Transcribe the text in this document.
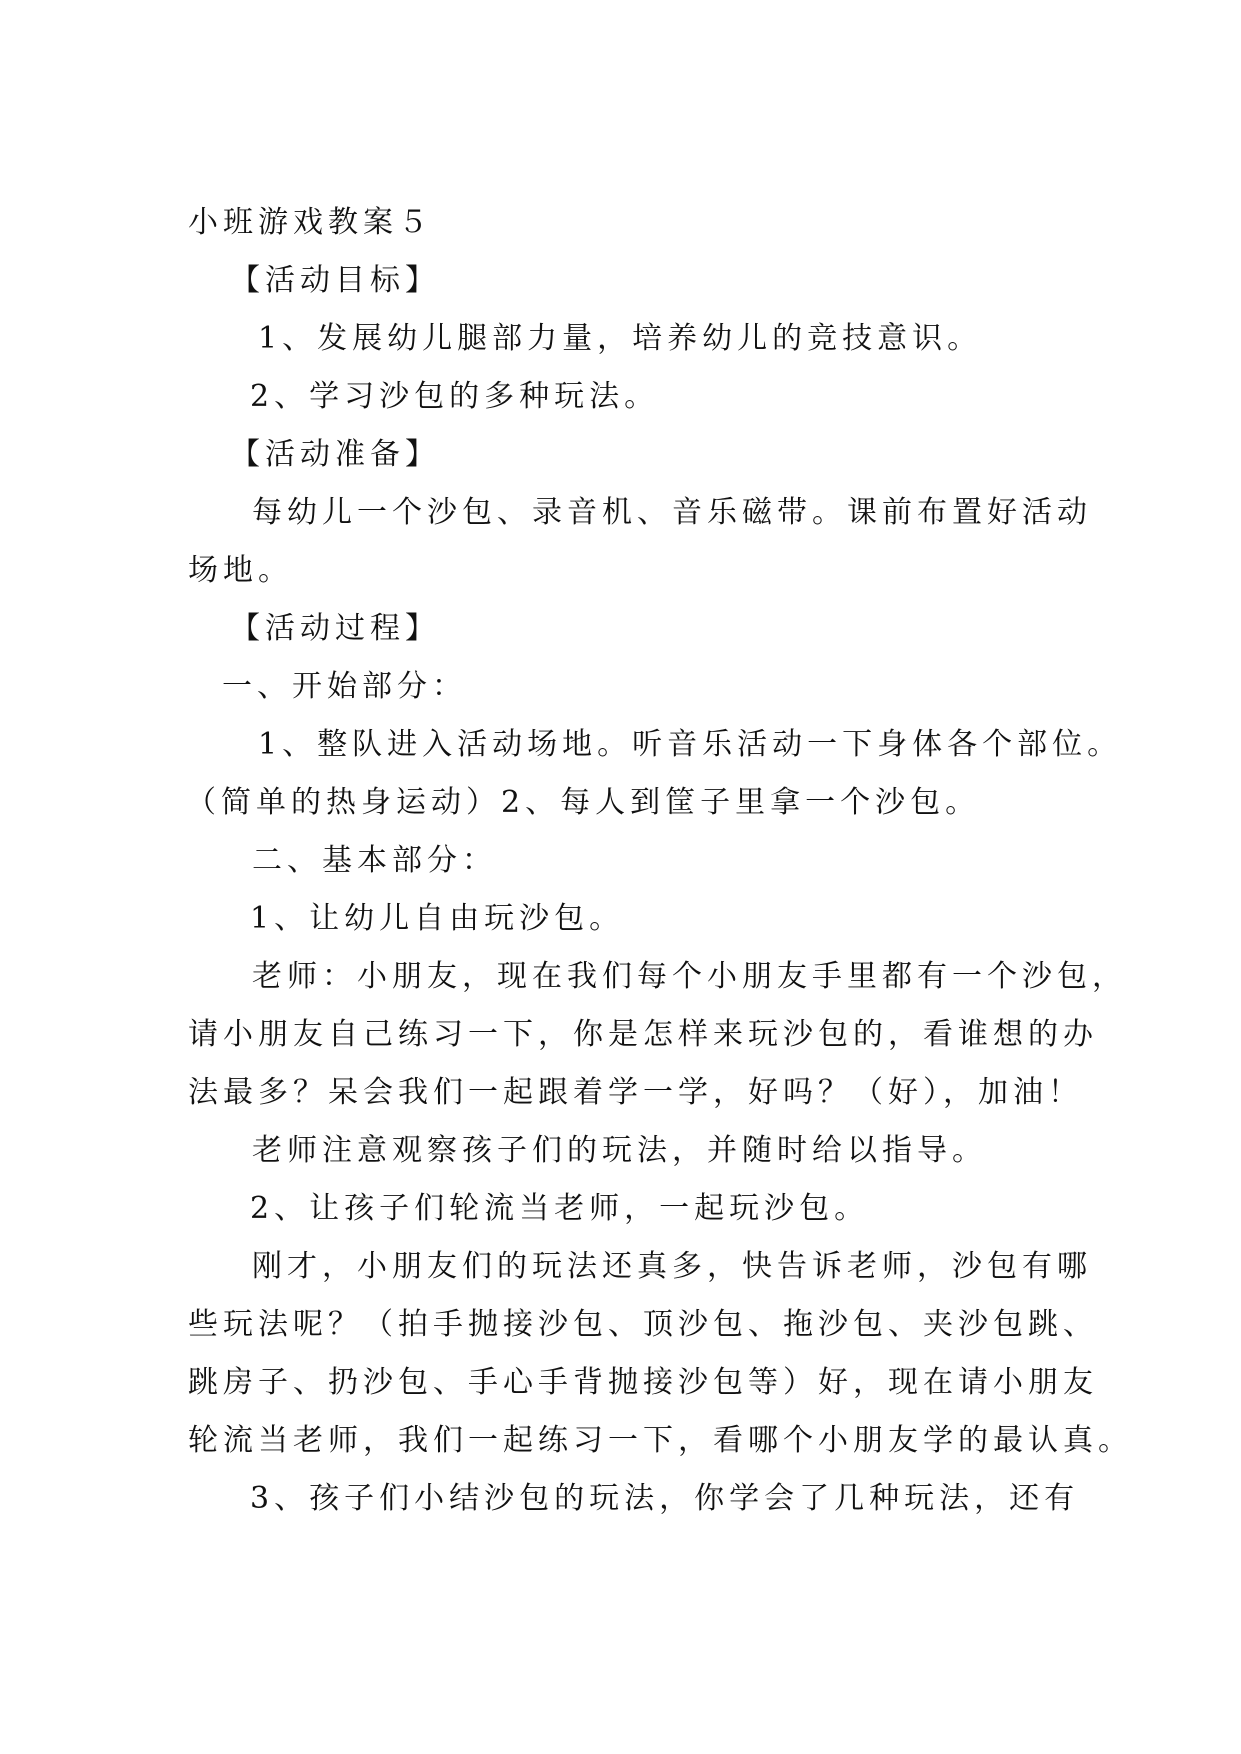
小班游戏教案５
【活动目标】
1、发展幼儿腿部力量，培养幼儿的竞技意识。
2、学习沙包的多种玩法。
【活动准备】
每幼儿一个沙包、录音机、音乐磁带。课前布置好活动
场地。
【活动过程】
一、开始部分：
1、整队进入活动场地。听音乐活动一下身体各个部位。
（简单的热身运动）2、每人到筐子里拿一个沙包。
二、基本部分：
1、让幼儿自由玩沙包。
老师：小朋友，现在我们每个小朋友手里都有一个沙包，
请小朋友自己练习一下，你是怎样来玩沙包的，看谁想的办
法最多？呆会我们一起跟着学一学，好吗？（好），加油！
老师注意观察孩子们的玩法，并随时给以指导。
2、让孩子们轮流当老师，一起玩沙包。
刚才，小朋友们的玩法还真多，快告诉老师，沙包有哪
些玩法呢？（拍手抛接沙包、顶沙包、拖沙包、夹沙包跳、
跳房子、扔沙包、手心手背抛接沙包等）好，现在请小朋友
轮流当老师，我们一起练习一下，看哪个小朋友学的最认真。
3、孩子们小结沙包的玩法，你学会了几种玩法，还有
